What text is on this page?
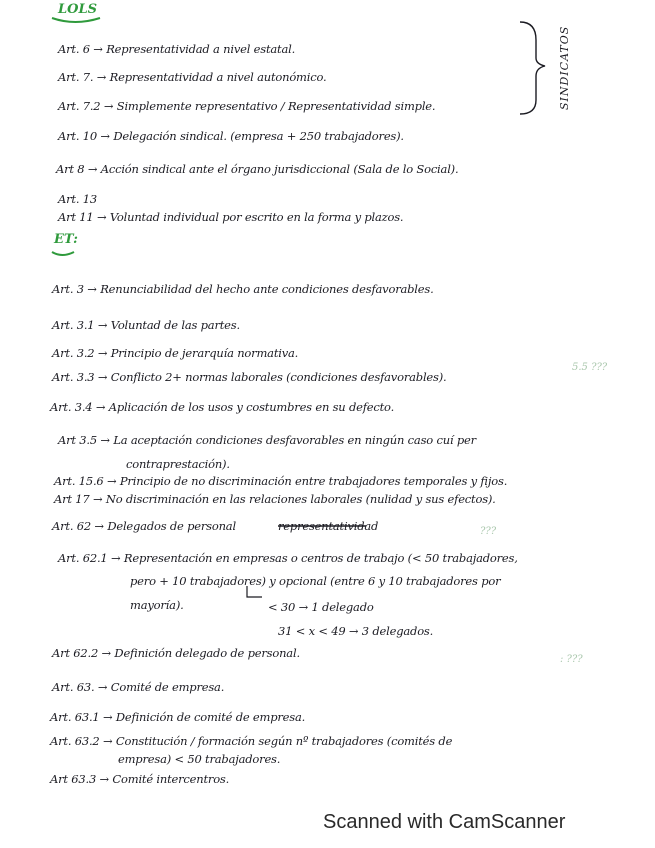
LOLS
SINDICATOS

Art. 6 → Representatividad a nivel estatal.

Art. 7. → Representatividad a nivel autonómico.

Art. 7.2 → Simplemente representativo / Representatividad simple.

Art. 10 → Delegación sindical. (empresa + 250 trabajadores).

Art 8 → Acción sindical ante el órgano jurisdiccional (Sala de lo Social).

Art. 13

Art 11 → Voluntad individual por escrito en la forma y plazos.

ET:

Art. 3 → Renunciabilidad del hecho ante condiciones desfavorables.

Art. 3.1 → Voluntad de las partes.

Art. 3.2 → Principio de jerarquía normativa.

Art. 3.3 → Conflicto 2+ normas laborales (condiciones desfavorables).

Art. 3.4 → Aplicación de los usos y costumbres en su defecto.

Art 3.5 → La aceptación condiciones desfavorables en ningún caso cuí per

contraprestación).

Art. 15.6 → Principio de no discriminación entre trabajadores temporales y fijos.

Art 17 → No discriminación en las relaciones laborales (nulidad y sus efectos).

Art. 62 → Delegados de personal	representatividad

Art. 62.1 → Representación en empresas o centros de trabajo (< 50 trabajadores,

pero + 10 trabajadores) y opcional (entre 6 y 10 trabajadores por

mayoría).	< 30 → 1 delegado

31 < x < 49 → 3 delegados.

Art 62.2 → Definición delegado de personal.

Art. 63. → Comité de empresa.

Art. 63.1 → Definición de comité de empresa.

Art. 63.2 → Constitución / formación según nº trabajadores (comités de

empresa) < 50 trabajadores.

Art 63.3 → Comité intercentros.

5.5 ???

???

: ???

Scanned with CamScanner
